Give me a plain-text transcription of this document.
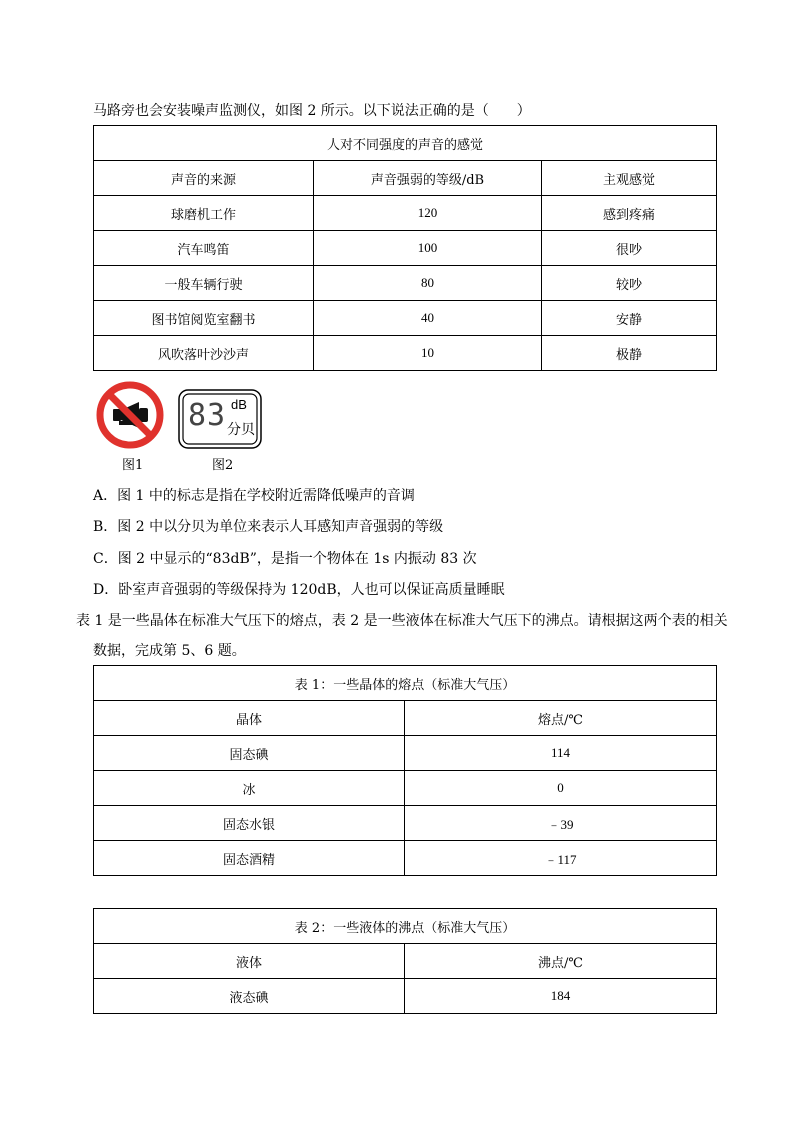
马路旁也会安装噪声监测仪，如图 2 所示。以下说法正确的是（　　）
人对不同强度的声音的感觉		
声音的来源	声音强弱的等级/dB	主观感觉
球磨机工作	120	感到疼痛
汽车鸣笛	100	很吵
一般车辆行驶	80	较吵
图书馆阅览室翻书	40	安静
风吹落叶沙沙声	10	极静
图1
83 dB
分贝
图2
A．图 1 中的标志是指在学校附近需降低噪声的音调
B．图 2 中以分贝为单位来表示人耳感知声音强弱的等级
C．图 2 中显示的“83dB”，是指一个物体在 1s 内振动 83 次
D．卧室声音强弱的等级保持为 120dB，人也可以保证高质量睡眠
表 1 是一些晶体在标准大气压下的熔点，表 2 是一些液体在标准大气压下的沸点。请根据这两个表的相关
数据，完成第 5、6 题。
表 1：一些晶体的熔点（标准大气压）	
晶体	熔点/℃
固态碘	114
冰	0
固态水银	﹣39
固态酒精	﹣117
表 2：一些液体的沸点（标准大气压）	
液体	沸点/℃
液态碘	184
